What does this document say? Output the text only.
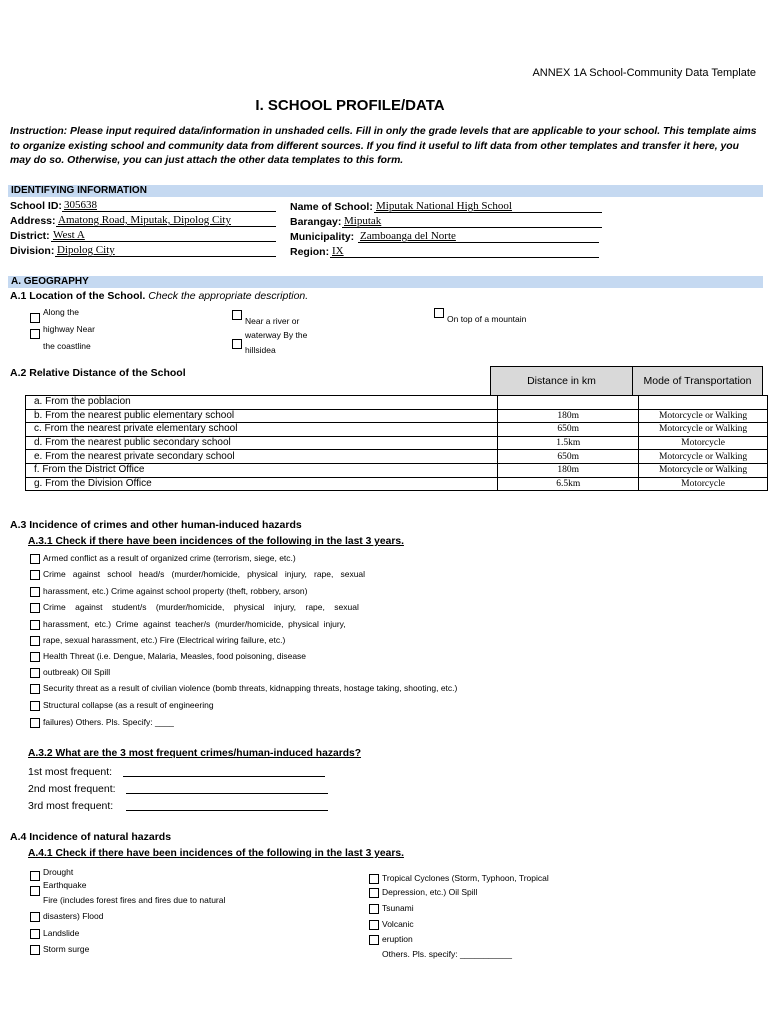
ANNEX 1A School-Community Data Template
I. SCHOOL PROFILE/DATA
Instruction: Please input required data/information in unshaded cells. Fill in only the grade levels that are applicable to your school. This template aims to organize existing school and community data from different sources. If you find it useful to lift data from other templates and transfer it here, you may do so. Otherwise, you can just attach the other data templates to this form.
IDENTIFYING INFORMATION
School ID: 305638
Address: Amatong Road, Miputak, Dipolog City
District: West A
Division: Dipolog City
Name of School: Miputak National High School
Barangay: Miputak
Municipality: Zamboanga del Norte
Region: IX
A. GEOGRAPHY
A.1 Location of the School. Check the appropriate description.
Along the
highway Near
the coastline
Near a river or
waterway By the
hillsidea
On top of a mountain
A.2 Relative Distance of the School
Distance in km	Mode of Transportation
a. From the poblacion		
b. From the nearest public elementary school	180m	Motorcycle or Walking
c. From the nearest private elementary school	650m	Motorcycle or Walking
d. From the nearest public secondary school	1.5km	Motorcycle
e. From the nearest private secondary school	650m	Motorcycle or Walking
f. From the District Office	180m	Motorcycle or Walking
g. From the Division Office	6.5km	Motorcycle
A.3 Incidence of crimes and other human-induced hazards
A.3.1 Check if there have been incidences of the following in the last 3 years.
Armed conflict as a result of organized crime (terrorism, siege, etc.)
Crime   against   school   head/s   (murder/homicide,   physical   injury,   rape,   sexual
harassment, etc.) Crime against school property (theft, robbery, arson)
Crime    against    student/s    (murder/homicide,    physical    injury,    rape,    sexual
harassment,  etc.)  Crime  against  teacher/s  (murder/homicide,  physical  injury,
rape, sexual harassment, etc.) Fire (Electrical wiring failure, etc.)
Health Threat (i.e. Dengue, Malaria, Measles, food poisoning, disease
outbreak) Oil Spill
Security threat as a result of civilian violence (bomb threats, kidnapping threats, hostage taking, shooting, etc.)
Structural collapse (as a result of engineering
failures) Others. Pls. Specify: ____
A.3.2 What are the 3 most frequent crimes/human-induced hazards?
1st most frequent:
2nd most frequent:
3rd most frequent:
A.4 Incidence of natural hazards
A.4.1 Check if there have been incidences of the following in the last 3 years.
Drought
Earthquake
Fire (includes forest fires and fires due to natural
disasters) Flood
Landslide
Storm surge
Tropical Cyclones (Storm, Typhoon, Tropical
Depression, etc.) Oil Spill
Tsunami
Volcanic
eruption
Others. Pls. specify: ___________
